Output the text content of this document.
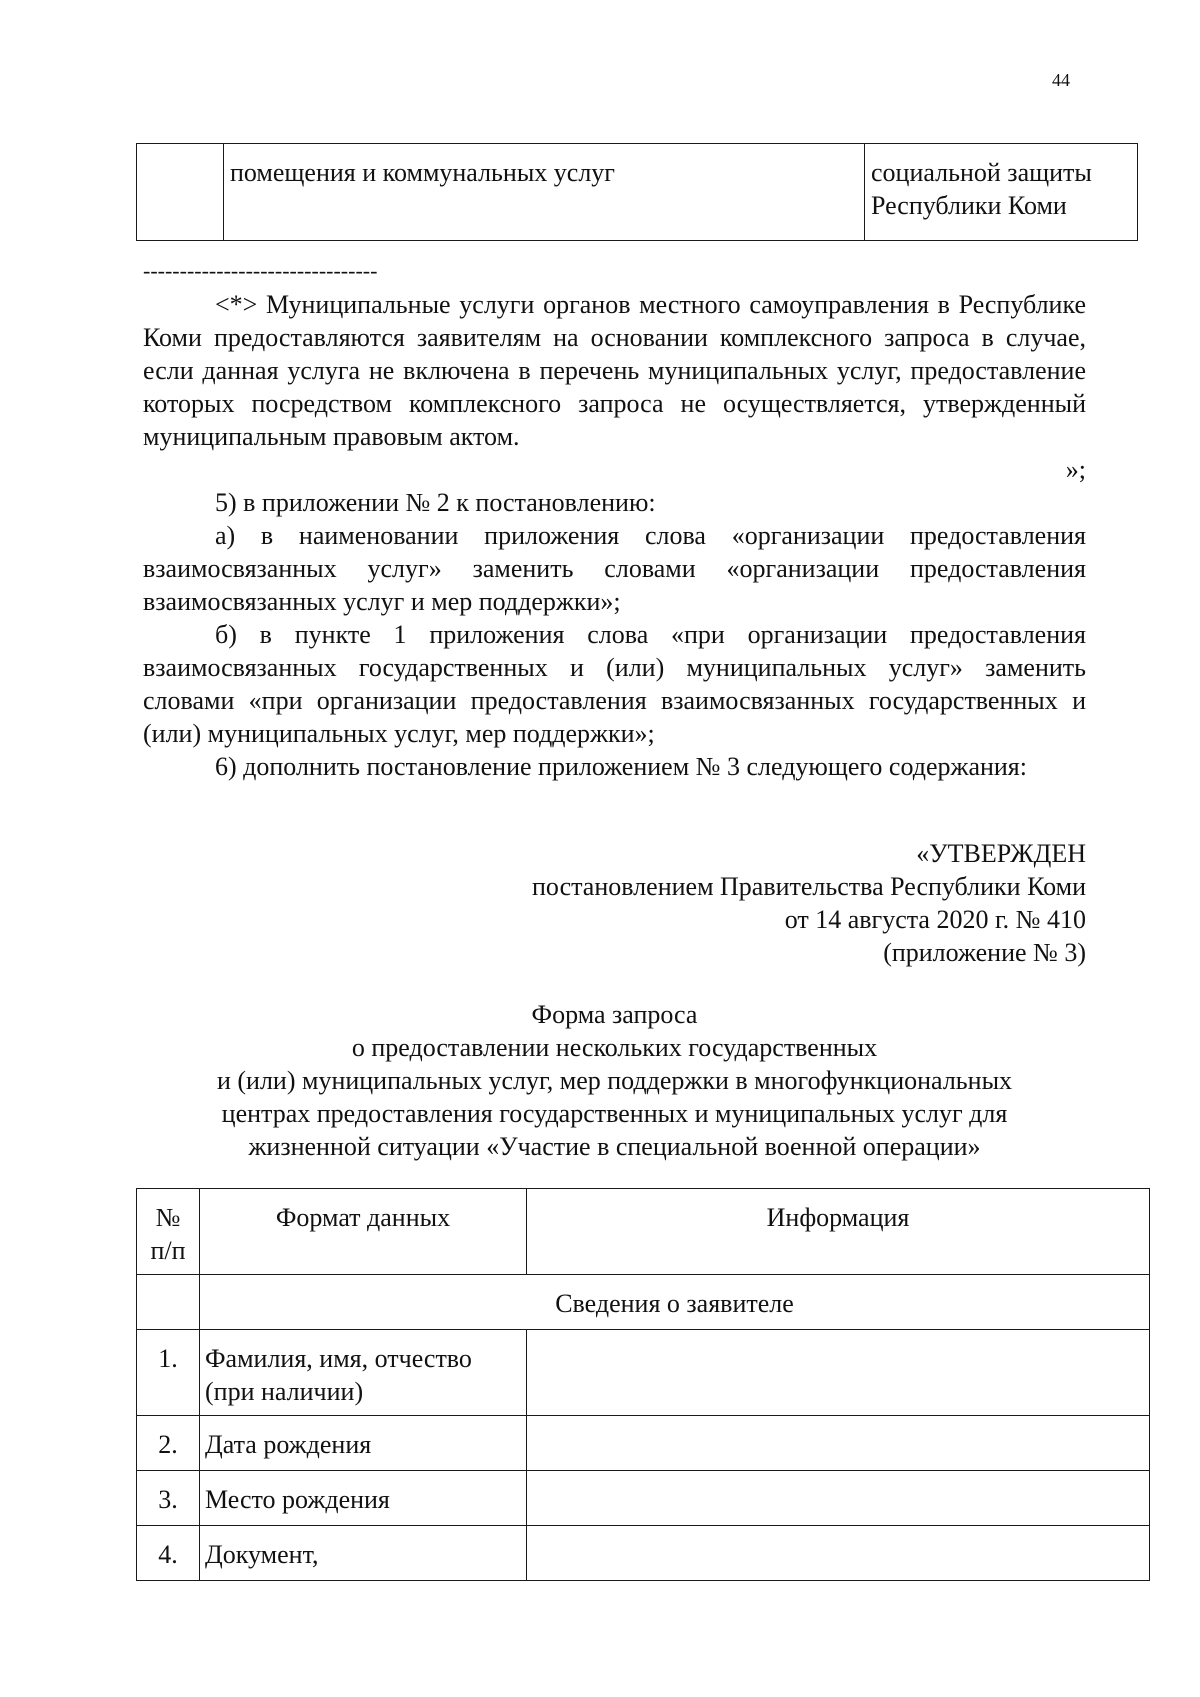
44
	помещения и коммунальных услуг	социальной защиты
Республики Коми
--------------------------------

<*> Муниципальные услуги органов местного самоуправления в Республике Коми предоставляются заявителям на основании комплексного запроса в случае, если данная услуга не включена в перечень муниципальных услуг, предоставление которых посредством комплексного запроса не осуществляется, утвержденный муниципальным правовым актом.

»;

5) в приложении № 2 к постановлению:

а) в наименовании приложения слова «организации предоставления взаимосвязанных услуг» заменить словами «организации предоставления взаимосвязанных услуг и мер поддержки»;

б) в пункте 1 приложения слова «при организации предоставления взаимосвязанных государственных и (или) муниципальных услуг» заменить словами «при организации предоставления взаимосвязанных государственных и (или) муниципальных услуг, мер поддержки»;

6) дополнить постановление приложением № 3 следующего содержания:

«УТВЕРЖДЕН
постановлением Правительства Республики Коми
от 14 августа 2020 г. № 410
(приложение № 3)
Форма запроса
о предоставлении нескольких государственных
и (или) муниципальных услуг, мер поддержки в многофункциональных
центрах предоставления государственных и муниципальных услуг для
жизненной ситуации «Участие в специальной военной операции»
№
п/п	Формат данных	Информация
	Сведения о заявителе	
1.	Фамилия, имя, отчество
(при наличии)	

2.	Дата рождения	
3.	Место рождения	
4.	Документ,	
